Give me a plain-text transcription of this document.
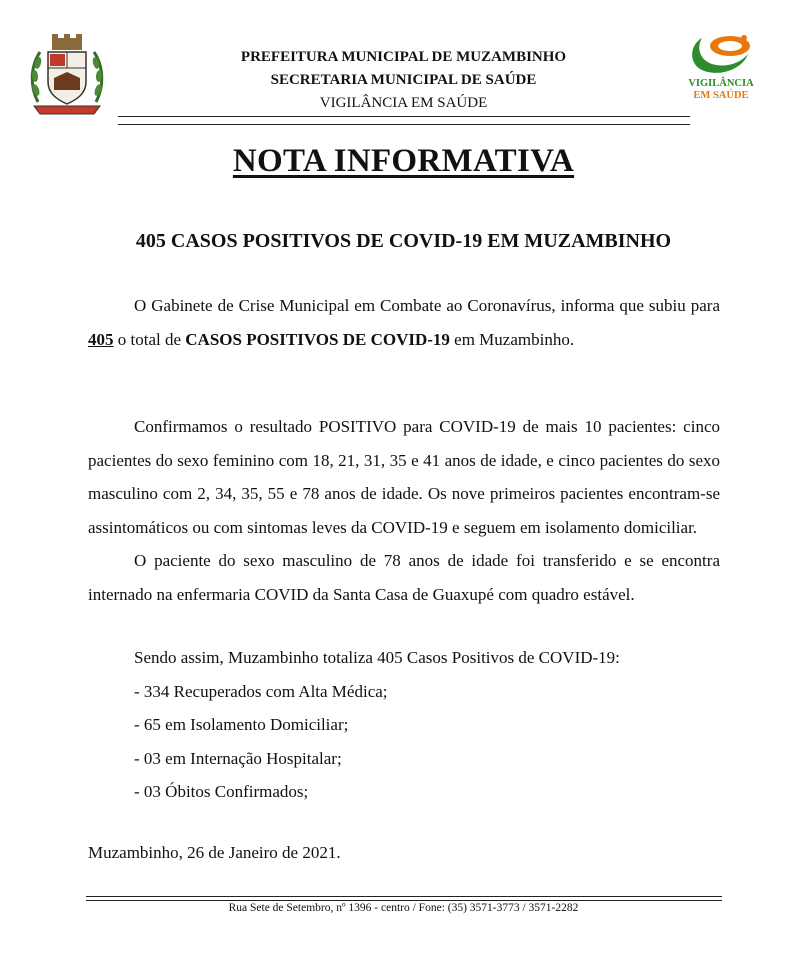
PREFEITURA MUNICIPAL DE MUZAMBINHO
SECRETARIA MUNICIPAL DE SAÚDE
VIGILÂNCIA EM SAÚDE
VIGILÂNCIA
EM SAÚDE
NOTA INFORMATIVA
405 CASOS POSITIVOS DE COVID-19 EM MUZAMBINHO

O Gabinete de Crise Municipal em Combate ao Coronavírus, informa que subiu para 405 o total de CASOS POSITIVOS DE COVID-19 em Muzambinho.

Confirmamos o resultado POSITIVO para COVID-19 de mais 10 pacientes: cinco pacientes do sexo feminino com 18, 21, 31, 35 e 41 anos de idade, e cinco pacientes do sexo masculino com 2, 34, 35, 55 e 78 anos de idade. Os nove primeiros pacientes encontram-se assintomáticos ou com sintomas leves da COVID-19 e seguem em isolamento domiciliar.

O paciente do sexo masculino de 78 anos de idade foi transferido e se encontra internado na enfermaria COVID da Santa Casa de Guaxupé com quadro estável.

Sendo assim, Muzambinho totaliza 405 Casos Positivos de COVID-19:

- 334 Recuperados com Alta Médica;
- 65 em Isolamento Domiciliar;
- 03 em Internação Hospitalar;
- 03 Óbitos Confirmados;
Muzambinho, 26 de Janeiro de 2021.
Rua Sete de Setembro, nº 1396 - centro / Fone: (35) 3571-3773 / 3571-2282
